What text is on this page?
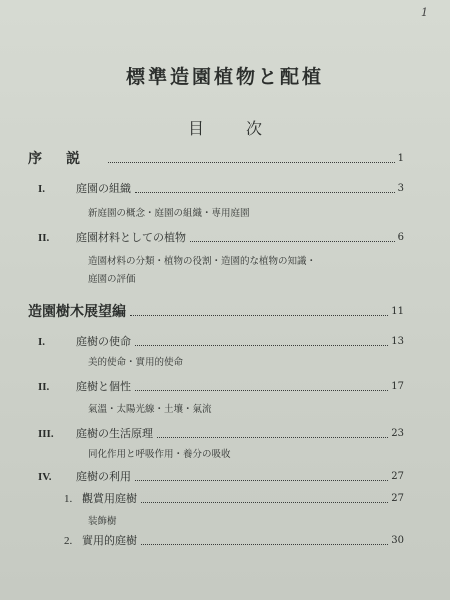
1
標準造園植物と配植
目次
序説	1
I.	庭園の組織	3
新庭園の概念・庭園の組織・専用庭園
II.	庭園材料としての植物	6
造園材料の分類・植物の役割・造園的な植物の知識・
庭園の評価
造園樹木展望編	11
I.	庭樹の使命	13
美的使命・實用的使命
II.	庭樹と個性	17
氣溫・太陽光線・土壤・氣流
III.	庭樹の生活原理	23
同化作用と呼吸作用・養分の吸收
IV.	庭樹の利用	27
1. 觀賞用庭樹	27
装飾樹
2. 實用的庭樹	30
